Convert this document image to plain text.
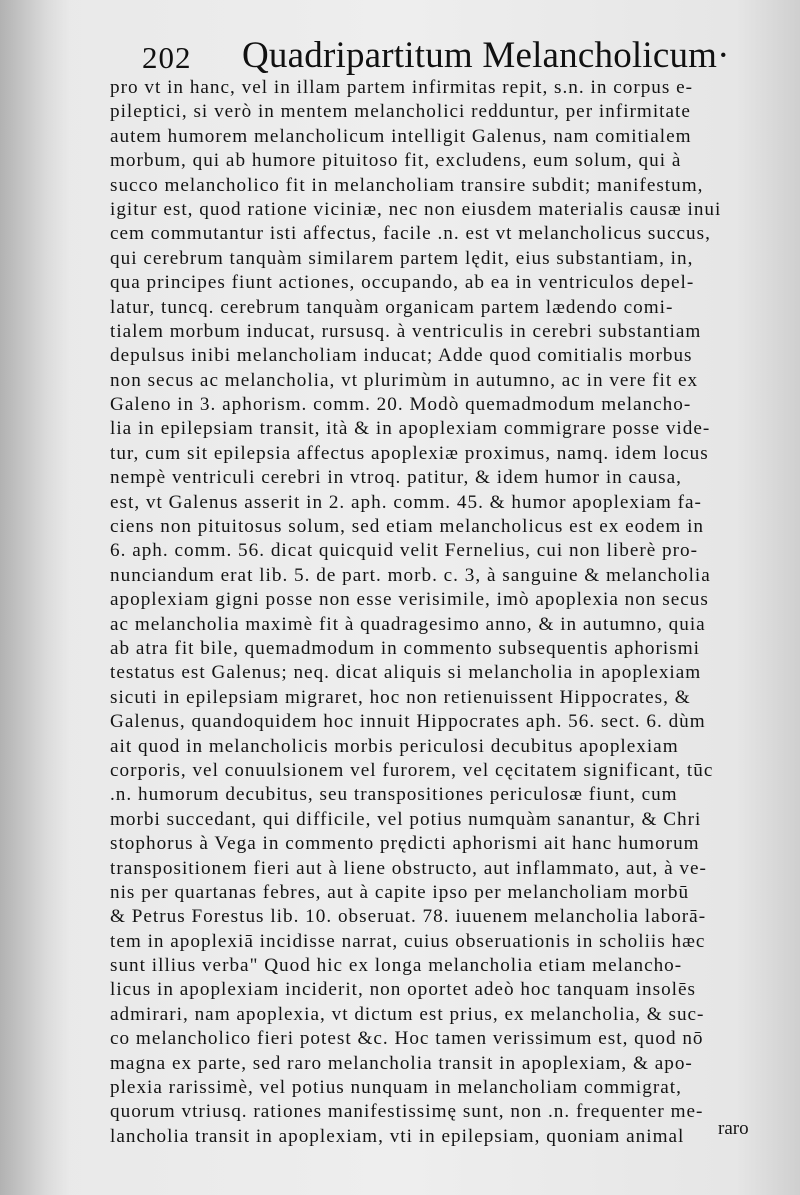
202 Quadripartitum Melancholicum·
pro vt in hanc, vel in illam partem infirmitas repit, s.n. in corpus e-
pileptici, si verò in mentem melancholici redduntur, per infirmitate
autem humorem melancholicum intelligit Galenus, nam comitialem
morbum, qui ab humore pituitoso fit, excludens, eum solum, qui à
succo melancholico fit in melancholiam transire subdit; manifestum,
igitur est, quod ratione viciniæ, nec non eiusdem materialis causæ inui
cem commutantur isti affectus, facile .n. est vt melancholicus succus,
qui cerebrum tanquàm similarem partem lędit, eius substantiam, in,
qua principes fiunt actiones, occupando, ab ea in ventriculos depel-
latur, tuncq. cerebrum tanquàm organicam partem lædendo comi-
tialem morbum inducat, rursusq. à ventriculis in cerebri substantiam
depulsus inibi melancholiam inducat; Adde quod comitialis morbus
non secus ac melancholia, vt plurimùm in autumno, ac in vere fit ex
Galeno in 3. aphorism. comm. 20. Modò quemadmodum melancho-
lia in epilepsiam transit, ità & in apoplexiam commigrare posse vide-
tur, cum sit epilepsia affectus apoplexiæ proximus, namq. idem locus
nempè ventriculi cerebri in vtroq. patitur, & idem humor in causa,
est, vt Galenus asserit in 2. aph. comm. 45. & humor apoplexiam fa-
ciens non pituitosus solum, sed etiam melancholicus est ex eodem in
6. aph. comm. 56. dicat quicquid velit Fernelius, cui non liberè pro-
nunciandum erat lib. 5. de part. morb. c. 3, à sanguine & melancholia
apoplexiam gigni posse non esse verisimile, imò apoplexia non secus
ac melancholia maximè fit à quadragesimo anno, & in autumno, quia
ab atra fit bile, quemadmodum in commento subsequentis aphorismi
testatus est Galenus; neq. dicat aliquis si melancholia in apoplexiam
sicuti in epilepsiam migraret, hoc non retienuissent Hippocrates, &
Galenus, quandoquidem hoc innuit Hippocrates aph. 56. sect. 6. dùm
ait quod in melancholicis morbis periculosi decubitus apoplexiam
corporis, vel conuulsionem vel furorem, vel cęcitatem significant, tūc
.n. humorum decubitus, seu transpositiones periculosæ fiunt, cum
morbi succedant, qui difficile, vel potius numquàm sanantur, & Chri
stophorus à Vega in commento prędicti aphorismi ait hanc humorum
transpositionem fieri aut à liene obstructo, aut inflammato, aut, à ve-
nis per quartanas febres, aut à capite ipso per melancholiam morbū
& Petrus Forestus lib. 10. obseruat. 78. iuuenem melancholia laborā-
tem in apoplexiā incidisse narrat, cuius obseruationis in scholiis hæc
sunt illius verba" Quod hic ex longa melancholia etiam melancho-
licus in apoplexiam inciderit, non oportet adeò hoc tanquam insolēs
admirari, nam apoplexia, vt dictum est prius, ex melancholia, & suc-
co melancholico fieri potest &c. Hoc tamen verissimum est, quod nō
magna ex parte, sed raro melancholia transit in apoplexiam, & apo-
plexia rarissimè, vel potius nunquam in melancholiam commigrat,
quorum vtriusq. rationes manifestissimę sunt, non .n. frequenter me-
lancholia transit in apoplexiam, vti in epilepsiam, quoniam animal	raro
